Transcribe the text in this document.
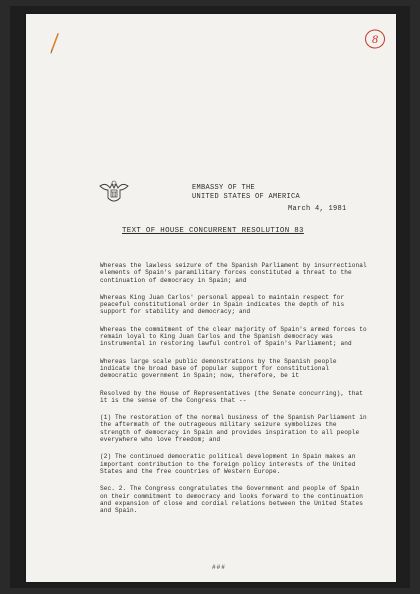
8
EMBASSY OF THE
UNITED STATES OF AMERICA
March 4, 1981
TEXT OF HOUSE CONCURRENT RESOLUTION 83

Whereas the lawless seizure of the Spanish Parliament by insurrectional elements of Spain's paramilitary forces constituted a threat to the continuation of democracy in Spain; and

Whereas King Juan Carlos' personal appeal to maintain respect for peaceful constitutional order in Spain indicates the depth of his support for stability and democracy; and

Whereas the commitment of the clear majority of Spain's armed forces to remain loyal to King Juan Carlos and the Spanish democracy was instrumental in restoring lawful control of Spain's Parliament; and

Whereas large scale public demonstrations by the Spanish people indicate the broad base of popular support for constitutional democratic government in Spain; now, therefore, be it

Resolved by the House of Representatives (the Senate concurring), that it is the sense of the Congress that --

(1) The restoration of the normal business of the Spanish Parliament in the aftermath of the outrageous military seizure symbolizes the strength of democracy in Spain and provides inspiration to all people everywhere who love freedom; and

(2) The continued democratic political development in Spain makes an important contribution to the foreign policy interests of the United States and the free countries of Western Europe.

Sec. 2. The Congress congratulates the Government and people of Spain on their commitment to democracy and looks forward to the continuation and expansion of close and cordial relations between the United States and Spain.

###
